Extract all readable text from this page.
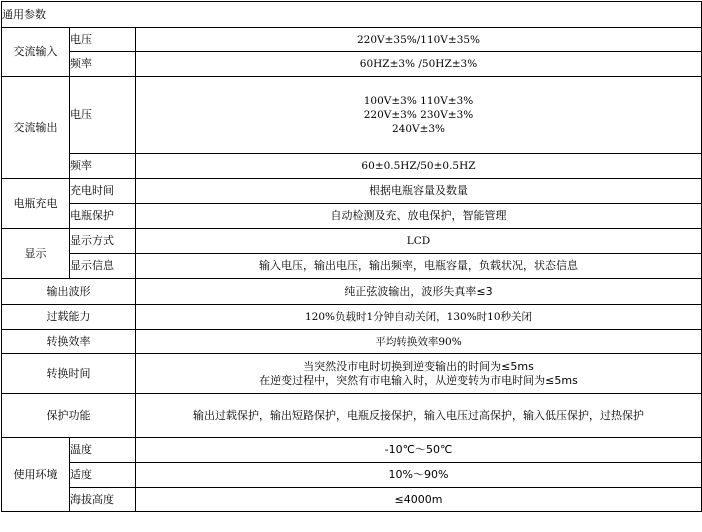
通用参数		
交流输入	电压	220V±35%/110V±35%
	频率	60HZ±3% /50HZ±3%
交流输出	电压	100V±3% 110V±3%
220V±3% 230V±3%
240V±3%

	频率	60±0.5HZ/50±0.5HZ
电瓶充电	充电时间	根据电瓶容量及数量
	电瓶保护	自动检测及充、放电保护，智能管理
显示	显示方式	LCD
	显示信息	输入电压，输出电压，输出频率，电瓶容量，负载状况，状态信息
输出波形		纯正弦波输出，波形失真率≤3
过载能力		120%负载时1分钟自动关闭，130%时10秒关闭
转换效率		平均转换效率90%
转换时间		当突然没市电时切换到逆变输出的时间为≤5ms
在逆变过程中，突然有市电输入时，从逆变转为市电时间为≤5ms

保护功能		输出过载保护，输出短路保护，电瓶反接保护，输入电压过高保护，输入低压保护，过热保护
使用环境	温度	-10℃～50℃
	适度	10%～90%
	海拔高度	≤4000m
